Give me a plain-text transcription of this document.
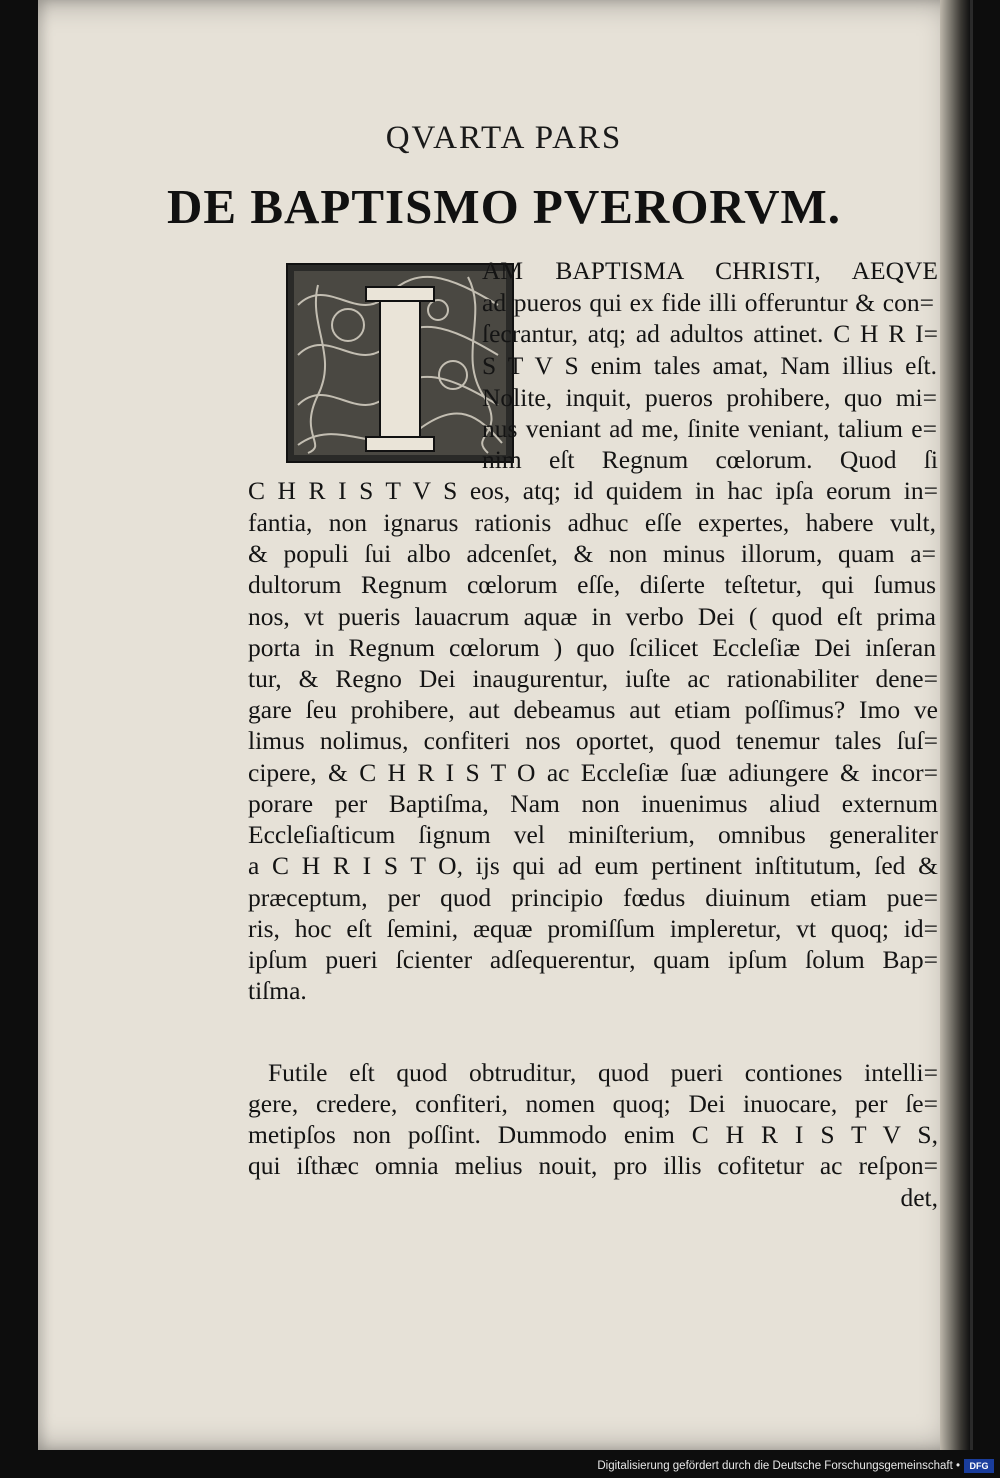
QVARTA PARS
DE BAPTISMO PVERORVM.
AM BAPTISMA CHRISTI, AEQVE
ad pueros qui ex fide illi offeruntur & con=
ſecrantur, atq; ad adultos attinet. C H R I=
S T V S enim tales amat, Nam illius eſt.
Nolite, inquit, pueros prohibere, quo mi=
nus veniant ad me, ſinite veniant, talium e=
nim eſt Regnum cœlorum. Quod ſi
C H R I S T V S eos, atq; id quidem in hac ipſa eorum in=
fantia, non ignarus rationis adhuc eſſe expertes, habere vult,
& populi ſui albo adcenſet, & non minus illorum, quam a=
dultorum Regnum cœlorum eſſe, diſerte teſtetur, qui ſumus
nos, vt pueris lauacrum aquæ in verbo Dei ( quod eſt prima
porta in Regnum cœlorum ) quo ſcilicet Eccleſiæ Dei inſeran
tur, & Regno Dei inaugurentur, iuſte ac rationabiliter dene=
gare ſeu prohibere, aut debeamus aut etiam poſſimus? Imo ve
limus nolimus, confiteri nos oportet, quod tenemur tales ſuſ=
cipere, & C H R I S T O ac Eccleſiæ ſuæ adiungere & incor=
porare per Baptiſma, Nam non inuenimus aliud externum
Eccleſiaſticum ſignum vel miniſterium, omnibus generaliter
a C H R I S T O, ijs qui ad eum pertinent inſtitutum, ſed &
præceptum, per quod principio fœdus diuinum etiam pue=
ris, hoc eſt ſemini, æquæ promiſſum impleretur, vt quoq; id=
ipſum pueri ſcienter adſequerentur, quam ipſum ſolum Bap=
tiſma.
Futile eſt quod obtruditur, quod pueri contiones intelli=
gere, credere, confiteri, nomen quoq; Dei inuocare, per ſe=
metipſos non poſſint. Dummodo enim C H R I S T V S,
qui iſthæc omnia melius nouit, pro illis cofitetur ac reſpon=
det,
Digitalisierung gefördert durch die Deutsche Forschungsgemeinschaft •	DFG
